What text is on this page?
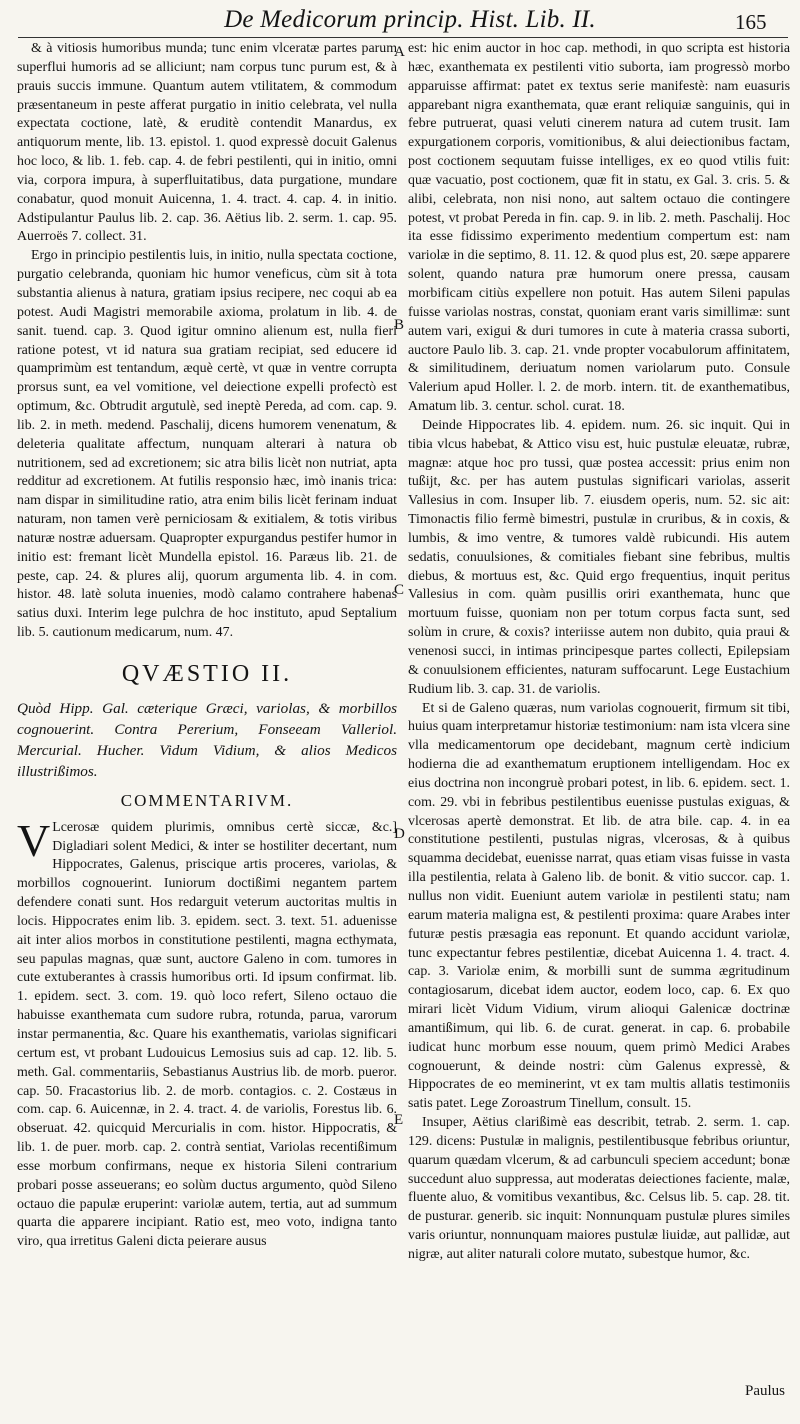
De Medicorum princip. Hist. Lib. II.	165

& à vitiosis humoribus munda; tunc enim vlceratæ partes parum superflui humoris ad se alliciunt; nam corpus tunc purum est, & à prauis succis immune. Quantum autem vtilitatem, & commodum præsentaneum in peste afferat purgatio in initio celebrata, vel nulla expectata coctione, latè, & eruditè contendit Manardus, ex antiquorum mente, lib. 13. epistol. 1. quod expressè docuit Galenus hoc loco, & lib. 1. feb. cap. 4. de febri pestilenti, qui in initio, omni via, corpora impura, à superfluitatibus, data purgatione, mundare conabatur, quod monuit Auicenna, 1. 4. tract. 4. cap. 4. in initio. Adstipulantur Paulus lib. 2. cap. 36. Aëtius lib. 2. serm. 1. cap. 95. Auerroës 7. collect. 31.

Ergo in principio pestilentis luis, in initio, nulla spectata coctione, purgatio celebranda, quoniam hic humor veneficus, cùm sit à tota substantia alienus à natura, gratiam ipsius recipere, nec coqui ab ea potest. Audi Magistri memorabile axioma, prolatum in lib. 4. de sanit. tuend. cap. 3. Quod igitur omnino alienum est, nulla fieri ratione potest, vt id natura sua gratiam recipiat, sed educere id quamprimùm est tentandum, æquè certè, vt quæ in ventre corrupta prorsus sunt, ea vel vomitione, vel deiectione expelli profectò est optimum, &c. Obtrudit argutulè, sed ineptè Pereda, ad com. cap. 9. lib. 2. in meth. medend. Paschalij, dicens humorem venenatum, & deleteria qualitate affectum, nunquam alterari à natura ob nutritionem, sed ad excretionem; sic atra bilis licèt non nutriat, apta redditur ad excretionem. At futilis responsio hæc, imò inanis trica: nam dispar in similitudine ratio, atra enim bilis licèt ferinam induat naturam, non tamen verè perniciosam & exitialem, & totis viribus naturæ nostræ aduersam. Quapropter expurgandus pestifer humor in initio est: fremant licèt Mundella epistol. 16. Paræus lib. 21. de peste, cap. 24. & plures alij, quorum argumenta lib. 4. in com. histor. 48. latè soluta inuenies, modò calamo contrahere habenas satius duxi. Interim lege pulchra de hoc instituto, apud Septalium lib. 5. cautionum medicarum, num. 47.

QVÆSTIO II.

Quòd Hipp. Gal. cæterique Græci, variolas, & morbillos cognouerint. Contra Pererium, Fonseeam Valleriol. Mercurial. Hucher. Vidum Vidium, & alios Medicos illustrißimos.

COMMENTARIVM.

V Lcerosæ quidem plurimis, omnibus certè siccæ, &c.] Digladiari solent Medici, & inter se hostiliter decertant, num Hippocrates, Galenus, priscique artis proceres, variolas, & morbillos cognouerint. Iuniorum doctißimi negantem partem defendere conati sunt. Hos redarguit veterum auctoritas multis in locis. Hippocrates enim lib. 3. epidem. sect. 3. text. 51. aduenisse ait inter alios morbos in constitutione pestilenti, magna ecthymata, seu papulas magnas, quæ sunt, auctore Galeno in com. tumores in cute extuberantes à crassis humoribus orti. Id ipsum confirmat. lib. 1. epidem. sect. 3. com. 19. quò loco refert, Sileno octauo die habuisse exanthemata cum sudore rubra, rotunda, parua, varorum instar permanentia, &c. Quare his exanthematis, variolas significari certum est, vt probant Ludouicus Lemosius suis ad cap. 12. lib. 5. meth. Gal. commentariis, Sebastianus Austrius lib. de morb. pueror. cap. 50. Fracastorius lib. 2. de morb. contagios. c. 2. Costæus in com. cap. 6. Auicennæ, in 2. 4. tract. 4. de variolis, Forestus lib. 6. obseruat. 42. quicquid Mercurialis in com. histor. Hippocratis, & lib. 1. de puer. morb. cap. 2. contrà sentiat, Variolas recentißimum esse morbum confirmans, neque ex historia Sileni contrarium probari posse asseuerans; eo solùm ductus argumento, quòd Sileno octauo die papulæ eruperint: variolæ autem, tertia, aut ad summum quarta die apparere incipiant. Ratio est, meo voto, indigna tanto viro, qua irretitus Galeni dicta peierare ausus

est: hic enim auctor in hoc cap. methodi, in quo scripta est historia hæc, exanthemata ex pestilenti vitio suborta, iam progressò morbo apparuisse affirmat: patet ex textus serie manifestè: nam euasuris apparebant nigra exanthemata, quæ erant reliquiæ sanguinis, qui in febre putruerat, quasi veluti cinerem natura ad cutem trusit. Iam expurgationem corporis, vomitionibus, & alui deiectionibus factam, post coctionem sequutam fuisse intelliges, ex eo quod vtilis fuit: quæ vacuatio, post coctionem, quæ fit in statu, ex Gal. 3. cris. 5. & alibi, celebrata, non nisi nono, aut saltem octauo die contingere potest, vt probat Pereda in fin. cap. 9. in lib. 2. meth. Paschalij. Hoc ita esse fidissimo experimento medentium compertum est: nam variolæ in die septimo, 8. 11. 12. & quod plus est, 20. sæpe apparere solent, quando natura præ humorum onere pressa, causam morbificam citiùs expellere non potuit. Has autem Sileni papulas fuisse variolas nostras, constat, quoniam erant varis simillimæ: sunt autem vari, exigui & duri tumores in cute à materia crassa suborti, auctore Paulo lib. 3. cap. 21. vnde propter vocabulorum affinitatem, & similitudinem, deriuatum nomen variolarum puto. Consule Valerium apud Holler. l. 2. de morb. intern. tit. de exanthematibus, Amatum lib. 3. centur. schol. curat. 18.

Deinde Hippocrates lib. 4. epidem. num. 26. sic inquit. Qui in tibia vlcus habebat, & Attico visu est, huic pustulæ eleuatæ, rubræ, magnæ: atque hoc pro tussi, quæ postea accessit: prius enim non tußijt, &c. per has autem pustulas significari variolas, asserit Vallesius in com. Insuper lib. 7. eiusdem operis, num. 52. sic ait: Timonactis filio fermè bimestri, pustulæ in cruribus, & in coxis, & lumbis, & imo ventre, & tumores valdè rubicundi. His autem sedatis, conuulsiones, & comitiales fiebant sine febribus, multis diebus, & mortuus est, &c. Quid ergo frequentius, inquit peritus Vallesius in com. quàm pusillis oriri exanthemata, hunc que mortuum fuisse, quoniam non per totum corpus facta sunt, sed solùm in crure, & coxis? interiisse autem non dubito, quia praui & venenosi succi, in intimas principesque partes collecti, Epilepsiam & conuulsionem efficientes, naturam suffocarunt. Lege Eustachium Rudium lib. 3. cap. 31. de variolis.

Et si de Galeno quæras, num variolas cognouerit, firmum sit tibi, huius quam interpretamur historiæ testimonium: nam ista vlcera sine vlla medicamentorum ope decidebant, magnum certè indicium hodierna die ad exanthematum eruptionem intelligendam. Hoc ex eius doctrina non incongruè probari potest, in lib. 6. epidem. sect. 1. com. 29. vbi in febribus pestilentibus euenisse pustulas exiguas, & vlcerosas apertè demonstrat. Et lib. de atra bile. cap. 4. in ea constitutione pestilenti, pustulas nigras, vlcerosas, & à quibus squamma decidebat, euenisse narrat, quas etiam visas fuisse in vasta illa pestilentia, relata à Galeno lib. de bonit. & vitio succor. cap. 1. nullus non vidit. Eueniunt autem variolæ in pestilenti statu; nam earum materia maligna est, & pestilenti proxima: quare Arabes inter futuræ pestis præsagia eas reponunt. Et quando accidunt variolæ, tunc expectantur febres pestilentiæ, dicebat Auicenna 1. 4. tract. 4. cap. 3. Variolæ enim, & morbilli sunt de summa ægritudinum contagiosarum, dicebat idem auctor, eodem loco, cap. 6. Ex quo mirari licèt Vidum Vidium, virum alioqui Galenicæ doctrinæ amantißimum, qui lib. 6. de curat. generat. in cap. 6. probabile iudicat hunc morbum esse nouum, quem primò Medici Arabes cognouerunt, & deinde nostri: cùm Galenus expressè, & Hippocrates de eo meminerint, vt ex tam multis allatis testimoniis satis patet. Lege Zoroastrum Tinellum, consult. 15.

Insuper, Aëtius clarißimè eas describit, tetrab. 2. serm. 1. cap. 129. dicens: Pustulæ in malignis, pestilentibusque febribus oriuntur, quarum quædam vlcerum, & ad carbunculi speciem accedunt; bonæ succedunt aluo suppressa, aut moderatas deiectiones faciente, malæ, fluente aluo, & vomitibus vexantibus, &c. Celsus lib. 5. cap. 28. tit. de pusturar. generib. sic inquit: Nonnunquam pustulæ plures similes varis oriuntur, nonnunquam maiores pustulæ liuidæ, aut pallidæ, aut nigræ, aut aliter naturali colore mutato, subestque humor, &c.

A
B
C
D
E
Paulus
